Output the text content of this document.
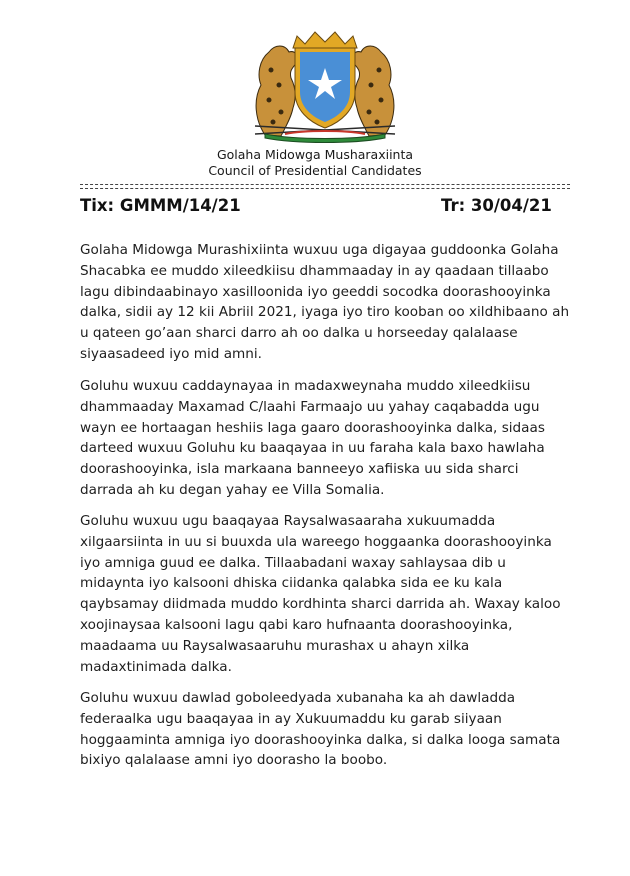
Golaha Midowga Musharaxiinta
Council of Presidential Candidates
Tix: GMMM/14/21	Tr: 30/04/21

Golaha Midowga Murashixiinta wuxuu uga digayaa guddoonka Golaha Shacabka ee muddo xileedkiisu dhammaaday in ay qaadaan tillaabo lagu dibindaabinayo xasilloonida iyo geeddi socodka doorashooyinka dalka, sidii ay 12 kii Abriil 2021, iyaga iyo tiro kooban oo xildhibaano ah u qateen go’aan sharci darro ah oo dalka u horseeday qalalaase siyaasadeed iyo mid amni.

Goluhu wuxuu caddaynayaa in madaxweynaha muddo xileedkiisu dhammaaday Maxamad C/laahi Farmaajo uu yahay caqabadda ugu wayn ee hortaagan heshiis laga gaaro doorashooyinka dalka, sidaas darteed wuxuu Goluhu ku baaqayaa in uu faraha kala baxo hawlaha doorashooyinka, isla markaana banneeyo xafiiska uu sida sharci darrada ah ku degan yahay ee Villa Somalia.

Goluhu wuxuu ugu baaqayaa Raysalwasaaraha xukuumadda xilgaarsiinta in uu si buuxda ula wareego hoggaanka doorashooyinka iyo amniga guud ee dalka. Tillaabadani waxay sahlaysaa dib u midaynta iyo kalsooni dhiska ciidanka qalabka sida ee ku kala qaybsamay diidmada muddo kordhinta sharci darrida ah. Waxay kaloo xoojinaysaa kalsooni lagu qabi karo hufnaanta doorashooyinka, maadaama uu Raysalwasaaruhu murashax u ahayn xilka madaxtinimada dalka.

Goluhu wuxuu dawlad goboleedyada xubanaha ka ah dawladda federaalka ugu baaqayaa in ay Xukuumaddu ku garab siiyaan hoggaaminta amniga iyo doorashooyinka dalka, si dalka looga samata bixiyo qalalaase amni iyo doorasho la boobo.
